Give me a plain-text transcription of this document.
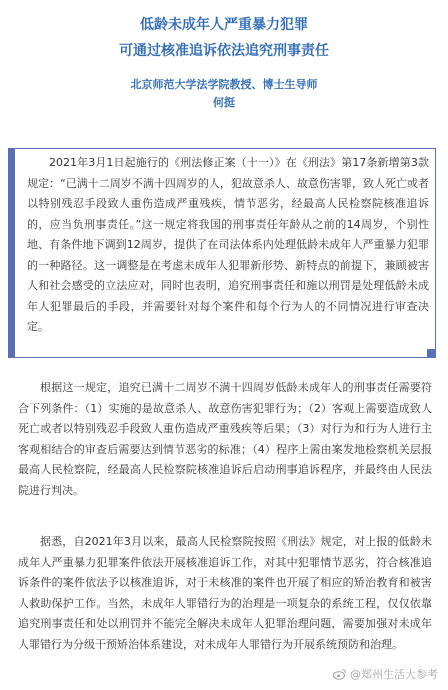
低龄未成年人严重暴力犯罪
可通过核准追诉依法追究刑事责任
北京师范大学法学院教授、博士生导师
何挺

2021年3月1日起施行的《刑法修正案（十一）》在《刑法》第17条新增第3款规定：“已满十二周岁不满十四周岁的人，犯故意杀人、故意伤害罪，致人死亡或者以特别残忍手段致人重伤造成严重残疾，情节恶劣，经最高人民检察院核准追诉的，应当负刑事责任。”这一规定将我国的刑事责任年龄从之前的14周岁，个别性地、有条件地下调到12周岁，提供了在司法体系内处理低龄未成年人严重暴力犯罪的一种路径。这一调整是在考虑未成年人犯罪新形势、新特点的前提下，兼顾被害人和社会感受的立法应对，同时也表明，追究刑事责任和施以刑罚是处理低龄未成年人犯罪最后的手段，并需要针对每个案件和每个行为人的不同情况进行审查决定。

根据这一规定，追究已满十二周岁不满十四周岁低龄未成年人的刑事责任需要符合下列条件：（1）实施的是故意杀人、故意伤害犯罪行为；（2）客观上需要造成致人死亡或者以特别残忍手段致人重伤造成严重残疾等后果；（3）对行为和行为人进行主客观相结合的审查后需要达到情节恶劣的标准；（4）程序上需由案发地检察机关层报最高人民检察院，经最高人民检察院核准追诉后启动刑事追诉程序，并最终由人民法院进行判决。

据悉，自2021年3月以来，最高人民检察院按照《刑法》规定，对上报的低龄未成年人严重暴力犯罪案件依法开展核准追诉工作，对其中犯罪情节恶劣，符合核准追诉条件的案件依法予以核准追诉，对于未核准的案件也开展了相应的矫治教育和被害人救助保护工作。当然，未成年人罪错行为的治理是一项复杂的系统工程，仅仅依靠追究刑事责任和处以刑罚并不能完全解决未成年人犯罪治理问题，需要加强对未成年人罪错行为分级干预矫治体系建设，对未成年人罪错行为开展系统预防和治理。

@郑州生活大参考
